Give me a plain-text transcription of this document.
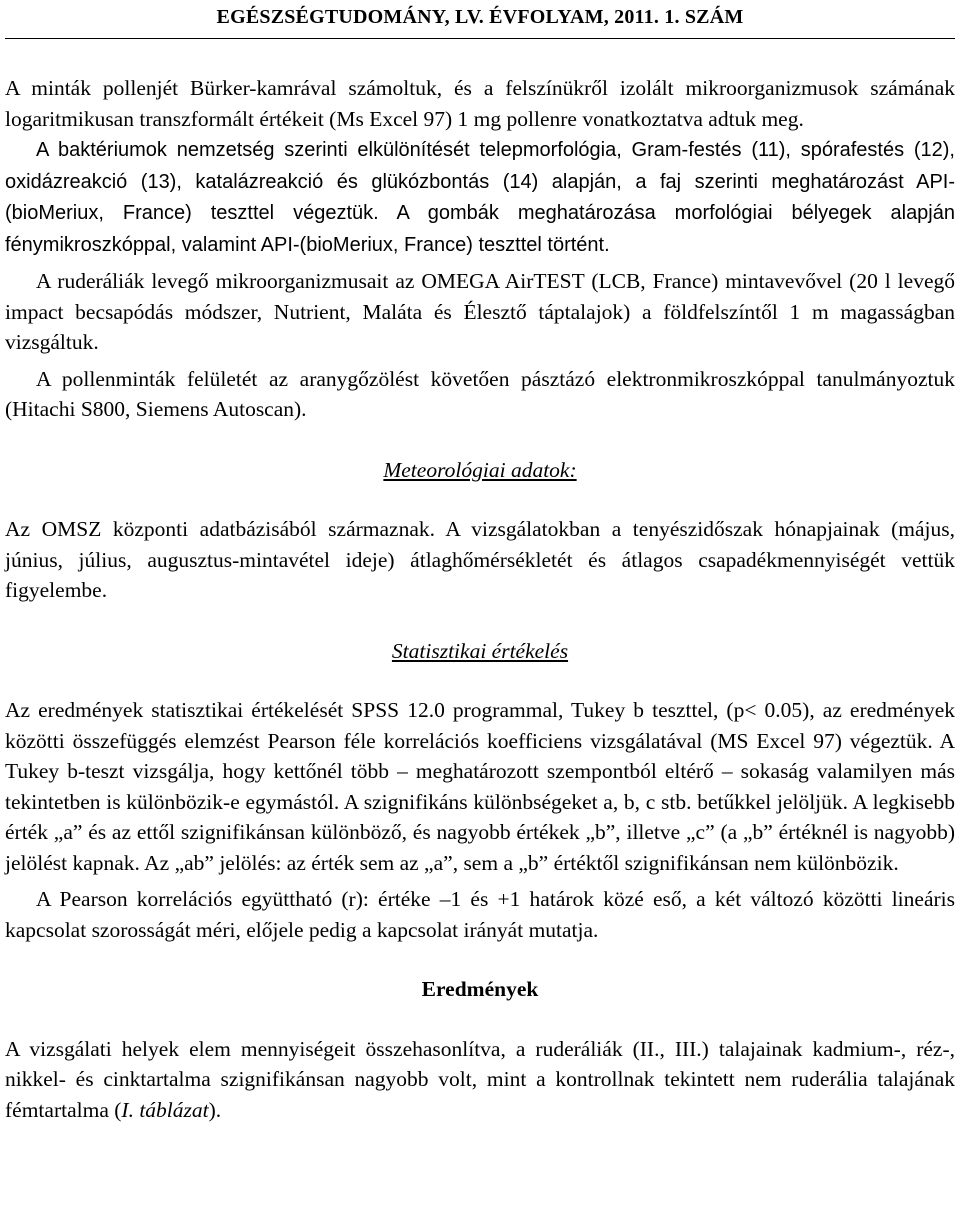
EGÉSZSÉGTUDOMÁNY, LV. ÉVFOLYAM, 2011. 1. SZÁM

A minták pollenjét Bürker-kamrával számoltuk, és a felszínükről izolált mikroorganizmusok számának logaritmikusan transzformált értékeit (Ms Excel 97) 1 mg pollenre vonatkoztatva adtuk meg.

A baktériumok nemzetség szerinti elkülönítését telepmorfológia, Gram-festés (11), spórafestés (12), oxidázreakció (13), katalázreakció és glükózbontás (14) alapján, a faj szerinti meghatározást API-(bioMeriux, France) teszttel végeztük. A gombák meghatározása morfológiai bélyegek alapján fénymikroszkóppal, valamint API-(bioMeriux, France) teszttel történt.

A ruderáliák levegő mikroorganizmusait az OMEGA AirTEST (LCB, France) mintavevővel (20 l levegő impact becsapódás módszer, Nutrient, Maláta és Élesztő táptalajok) a földfelszíntől 1 m magasságban vizsgáltuk.

A pollenminták felületét az aranygőzölést követően pásztázó elektronmikroszkóppal tanulmányoztuk (Hitachi S800, Siemens Autoscan).

Meteorológiai adatok:

Az OMSZ központi adatbázisából származnak. A vizsgálatokban a tenyészidőszak hónapjainak (május, június, július, augusztus-mintavétel ideje) átlaghőmérsékletét és átlagos csapadékmennyiségét vettük figyelembe.

Statisztikai értékelés

Az eredmények statisztikai értékelését SPSS 12.0 programmal, Tukey b teszttel, (p< 0.05), az eredmények közötti összefüggés elemzést Pearson féle korrelációs koefficiens vizsgálatával (MS Excel 97) végeztük. A Tukey b-teszt vizsgálja, hogy kettőnél több – meghatározott szempontból eltérő – sokaság valamilyen más tekintetben is különbözik-e egymástól. A szignifikáns különbségeket a, b, c stb. betűkkel jelöljük. A legkisebb érték „a” és az ettől szignifikánsan különböző, és nagyobb értékek „b”, illetve „c” (a „b” értéknél is nagyobb) jelölést kapnak. Az „ab” jelölés: az érték sem az „a”, sem a „b” értéktől szignifikánsan nem különbözik.

A Pearson korrelációs együttható (r): értéke –1 és +1 határok közé eső, a két változó közötti lineáris kapcsolat szorosságát méri, előjele pedig a kapcsolat irányát mutatja.

Eredmények

A vizsgálati helyek elem mennyiségeit összehasonlítva, a ruderáliák (II., III.) talajainak kadmium-, réz-, nikkel- és cinktartalma szignifikánsan nagyobb volt, mint a kontrollnak tekintett nem ruderália talajának fémtartalma (I. táblázat).
